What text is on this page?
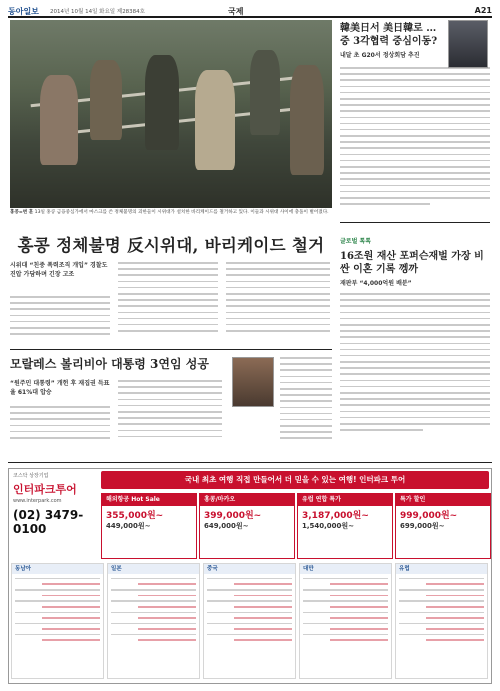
동아일보 2014년 10월 14일 화요일 제28384호	국제	A21
홍콩=변 훈 13일 홍콩 금융중심가에서 마스크를 쓴 정체불명의 괴한들이 시위대가 설치한 바리케이드를 철거하고 있다. 이들과 시위대 사이에 충돌이 벌어졌다.
韓美日서 美日韓로 … 중 3각협력 중심이동?
내달 초 G20서 정상회담 추진
글로벌 톡톡
16조원 재산 포퍼슨재벌 가장 비싼 이혼 기록 껭까
재판부 “4,000억원 배분”
홍콩 정체불명 反시위대, 바리케이드 철거
시위대 “친중 폭력조직 개입” 경찰도 진압 가담하며 긴장 고조
모랄레스 볼리비아 대통령 3연임 성공
“원주민 대통령” 개헌 후 재집권 득표율 61%대 압승
코스닥 상장기업
인터파크투어
www.interpark.com
(02) 3479-0100
국내 최초 여행 직접 만들어서 더 믿을 수 있는 여행! 인터파크 투어
해외항공 Hot Sale
355,000원~
449,000원~
홍콩/마카오
399,000원~
649,000원~
유럽 연합 특가
3,187,000원~
1,540,000원~
특가 할인
999,000원~
699,000원~
동남아	일본	중국	대만	유럽
